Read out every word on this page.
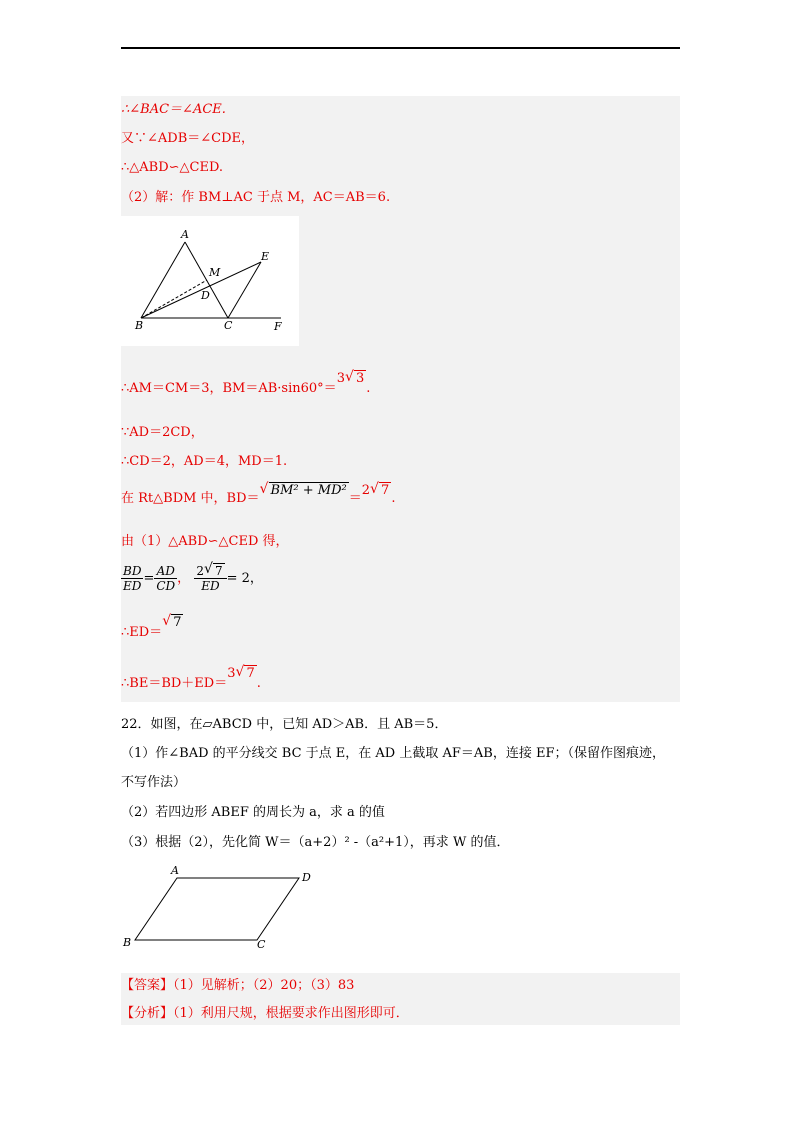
∴∠BAC＝∠ACE.
又∵∠ADB＝∠CDE，
∴△ABD∽△CED.
（2）解：作 BM⊥AC 于点 M，AC＝AB＝6.
A
E
M
D
B	C	F
∴AM＝CM＝3，BM＝AB·sin60°＝3 √ 3.
∵AD＝2CD，
∴CD＝2，AD＝4，MD＝1.
在 Rt△BDM 中，BD＝√ BM² + MD²＝2 √ 7.
由（1）△ABD∽△CED 得，
$\frac{BD}{ED} = \frac{AD}{CD}$ ， $\frac{2 √ 7}{ED} = 2$，
∴ED＝√ 7
∴BE＝BD＋ED＝3 √ 7.
22．如图，在▱ABCD 中，已知 AD＞AB．且 AB＝5．
（1）作∠BAD 的平分线交 BC 于点 E，在 AD 上截取 AF＝AB，连接 EF；（保留作图痕迹，
不写作法）
（2）若四边形 ABEF 的周长为 a，求 a 的值
（3）根据（2），先化简 W＝（a+2）² -（a²+1），再求 W 的值．
A
D
B	C
【答案】（1）见解析；（2）20；（3）83
【分析】（1）利用尺规，根据要求作出图形即可．
